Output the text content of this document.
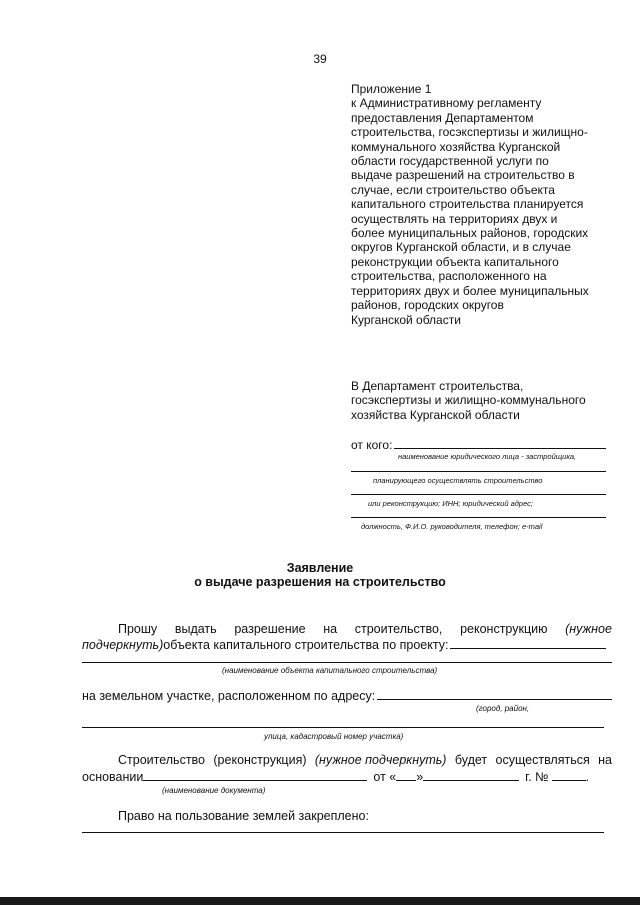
39
Приложение 1
к Административному регламенту
предоставления Департаментом
строительства, госэкспертизы и жилищно-
коммунального хозяйства Курганской
области государственной услуги по
выдаче разрешений на строительство в
случае, если строительство объекта
капитального строительства планируется
осуществлять на территориях двух и
более муниципальных районов, городских
округов Курганской области, и в случае
реконструкции объекта капитального
строительства, расположенного на
территориях двух и более муниципальных
районов, городских округов
Курганской области
В Департамент строительства,
госэкспертизы и жилищно-коммунального
хозяйства Курганской области
от кого:
наименование юридического лица - застройщика,
планирующего осуществлять строительство
или реконструкцию; ИНН; юридический адрес;
должность, Ф.И.О. руководителя, телефон; e-mail
Заявление
о выдаче разрешения на строительство
Прошу выдать разрешение на строительство, реконструкцию (нужное
подчеркнуть) объекта капитального строительства по проекту:
(наименование объекта капитального строительства)
на земельном участке, расположенном по адресу:
(город, район,
улица, кадастровый номер участка)
Строительство (реконструкция) (нужное подчеркнуть) будет осуществляться на
основании	от « »	г. №	.
(наименование документа)
Право на пользование землей закреплено:
